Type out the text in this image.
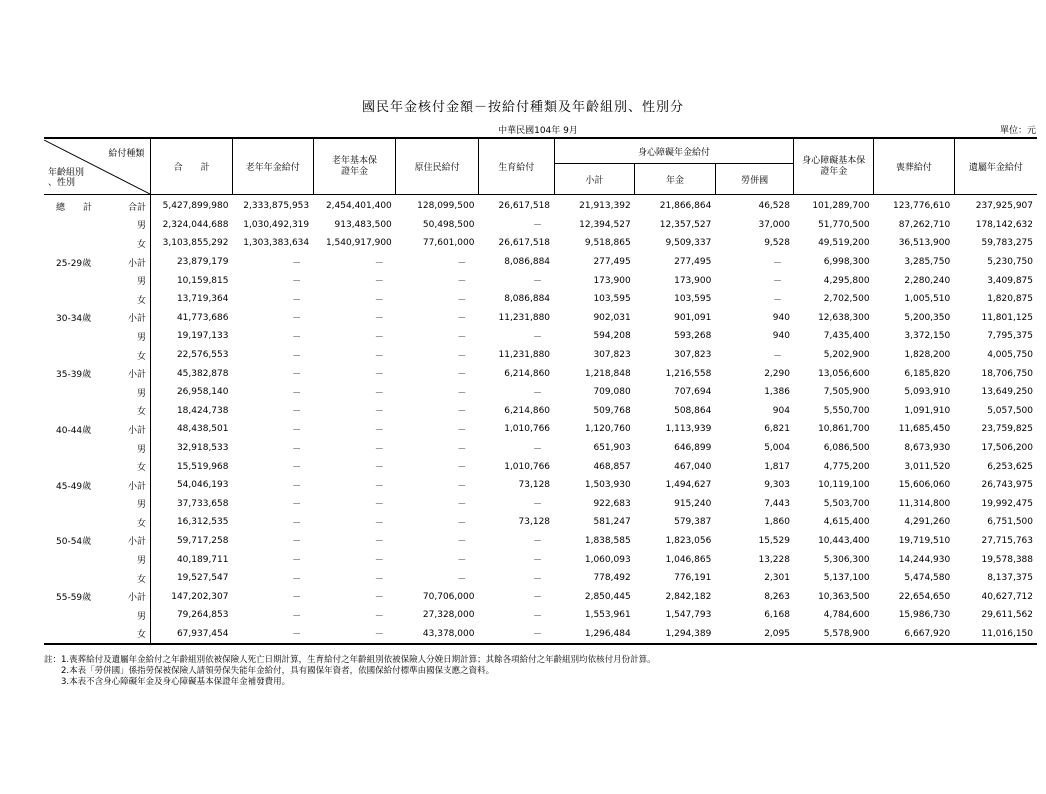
國民年金核付金額－按給付種類及年齡組別、性別分
中華民國104年 9月	單位：元
給付種類
年齡組別
、性別	合　　計	老年年金給付	老年基本保證年金	原住民給付	生育給付	身心障礙年金給付			身心障礙基本保證年金	喪葬給付	遺屬年金給付
						小計	年金	勞併國			
總　　計 合計	5,427,899,980	2,333,875,953	2,454,401,400	128,099,500	26,617,518	21,913,392	21,866,864	46,528	101,289,700	123,776,610	237,925,907
男	2,324,044,688	1,030,492,319	913,483,500	50,498,500	－	12,394,527	12,357,527	37,000	51,770,500	87,262,710	178,142,632
女	3,103,855,292	1,303,383,634	1,540,917,900	77,601,000	26,617,518	9,518,865	9,509,337	9,528	49,519,200	36,513,900	59,783,275
25-29歲 小計	23,879,179	－	－	－	8,086,884	277,495	277,495	－	6,998,300	3,285,750	5,230,750
男	10,159,815	－	－	－	－	173,900	173,900	－	4,295,800	2,280,240	3,409,875
女	13,719,364	－	－	－	8,086,884	103,595	103,595	－	2,702,500	1,005,510	1,820,875
30-34歲 小計	41,773,686	－	－	－	11,231,880	902,031	901,091	940	12,638,300	5,200,350	11,801,125
男	19,197,133	－	－	－	－	594,208	593,268	940	7,435,400	3,372,150	7,795,375
女	22,576,553	－	－	－	11,231,880	307,823	307,823	－	5,202,900	1,828,200	4,005,750
35-39歲 小計	45,382,878	－	－	－	6,214,860	1,218,848	1,216,558	2,290	13,056,600	6,185,820	18,706,750
男	26,958,140	－	－	－	－	709,080	707,694	1,386	7,505,900	5,093,910	13,649,250
女	18,424,738	－	－	－	6,214,860	509,768	508,864	904	5,550,700	1,091,910	5,057,500
40-44歲 小計	48,438,501	－	－	－	1,010,766	1,120,760	1,113,939	6,821	10,861,700	11,685,450	23,759,825
男	32,918,533	－	－	－	－	651,903	646,899	5,004	6,086,500	8,673,930	17,506,200
女	15,519,968	－	－	－	1,010,766	468,857	467,040	1,817	4,775,200	3,011,520	6,253,625
45-49歲 小計	54,046,193	－	－	－	73,128	1,503,930	1,494,627	9,303	10,119,100	15,606,060	26,743,975
男	37,733,658	－	－	－	－	922,683	915,240	7,443	5,503,700	11,314,800	19,992,475
女	16,312,535	－	－	－	73,128	581,247	579,387	1,860	4,615,400	4,291,260	6,751,500
50-54歲 小計	59,717,258	－	－	－	－	1,838,585	1,823,056	15,529	10,443,400	19,719,510	27,715,763
男	40,189,711	－	－	－	－	1,060,093	1,046,865	13,228	5,306,300	14,244,930	19,578,388
女	19,527,547	－	－	－	－	778,492	776,191	2,301	5,137,100	5,474,580	8,137,375
55-59歲 小計	147,202,307	－	－	70,706,000	－	2,850,445	2,842,182	8,263	10,363,500	22,654,650	40,627,712
男	79,264,853	－	－	27,328,000	－	1,553,961	1,547,793	6,168	4,784,600	15,986,730	29,611,562
女	67,937,454	－	－	43,378,000	－	1,296,484	1,294,389	2,095	5,578,900	6,667,920	11,016,150
註：1.喪葬給付及遺屬年金給付之年齡組別依被保險人死亡日期計算，生育給付之年齡組別依被保險人分娩日期計算；其餘各項給付之年齡組別均依核付月份計算。
　　2.本表「勞併國」係指勞保被保險人請領勞保失能年金給付，具有國保年資者，依國保給付標準由國保支應之資料。
　　3.本表不含身心障礙年金及身心障礙基本保證年金補發費用。
